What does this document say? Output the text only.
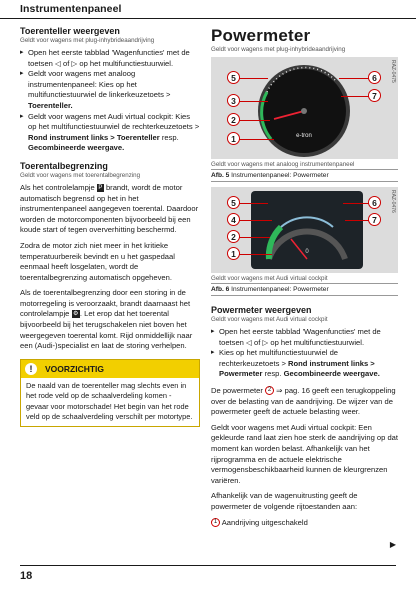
Instrumentenpaneel
Toerenteller weergeven
Geldt voor wagens met plug-inhybrideaandrijving
▸ Open het eerste tabblad 'Wagenfuncties' met de toetsen ◁ of ▷ op het multifunctiestuurwiel.
▸ Geldt voor wagens met analoog instrumentenpaneel: Kies op het multifunctiestuurwiel de linkerkeuzetoets > Toerenteller.
▸ Geldt voor wagens met Audi virtual cockpit: Kies op het multifunctiestuurwiel de rechterkeuzetoets > Rond instrument links > Toerenteller resp. Gecombineerde weergave.
Toerentalbegrenzing
Geldt voor wagens met toerentalbegrenzing

Als het controlelampje P brandt, wordt de motor automatisch begrensd op het in het instrumentenpaneel aangegeven toerental. Daardoor worden de motorcomponenten bijvoorbeeld bij een koude start of tegen oververhitting beschermd.

Zodra de motor zich niet meer in het kritieke temperatuurbereik bevindt en u het gaspedaal eenmaal heeft losgelaten, wordt de toerentalbegrenzing automatisch opgeheven.

Als de toerentalbegrenzing door een storing in de motorregeling is veroorzaakt, brandt daarnaast het controlelampje ⚙ . Let erop dat het toerental bijvoorbeeld bij het terugschakelen niet boven het weergegeven toerental komt. Rijd onmiddellijk naar een (Audi-)specialist en laat de storing verhelpen.

!	VOORZICHTIG
De naald van de toerenteller mag slechts even in het rode veld op de schaalverdeling komen - gevaar voor motorschade! Het begin van het rode veld op de schaalverdeling verschilt per motortype.
Powermeter
Geldt voor wagens met plug-inhybrideaandrijving
e-tron
RAZ-0475
5
3
2
1
6
7
Geldt voor wagens met analoog instrumentenpaneel
Afb. 5 Instrumentenpaneel: Powermeter
0
RAZ-0476
5
4
2
1
6
7
Geldt voor wagens met Audi virtual cockpit
Afb. 6 Instrumentenpaneel: Powermeter
Powermeter weergeven
Geldt voor wagens met Audi virtual cockpit
▸ Open het eerste tabblad 'Wagenfuncties' met de toetsen ◁ of ▷ op het multifunctiestuurwiel.
▸ Kies op het multifunctiestuurwiel de rechterkeuzetoets > Rond instrument links > Powermeter resp. Gecombineerde weergave.

De powermeter 2 ⇒ pag. 16 geeft een terugkoppeling over de belasting van de aandrijving. De wijzer van de powermeter geeft de actuele belasting weer.

Geldt voor wagens met Audi virtual cockpit: Een gekleurde rand laat zien hoe sterk de aandrijving op dat moment kan worden belast. Afhankelijk van het rijprogramma en de actuele elektrische vermogensbeschikbaarheid kunnen de kleurgrenzen variëren.

Afhankelijk van de wagenuitrusting geeft de powermeter de volgende rijtoestanden aan:

1 Aandrijving uitgeschakeld

▶
18
